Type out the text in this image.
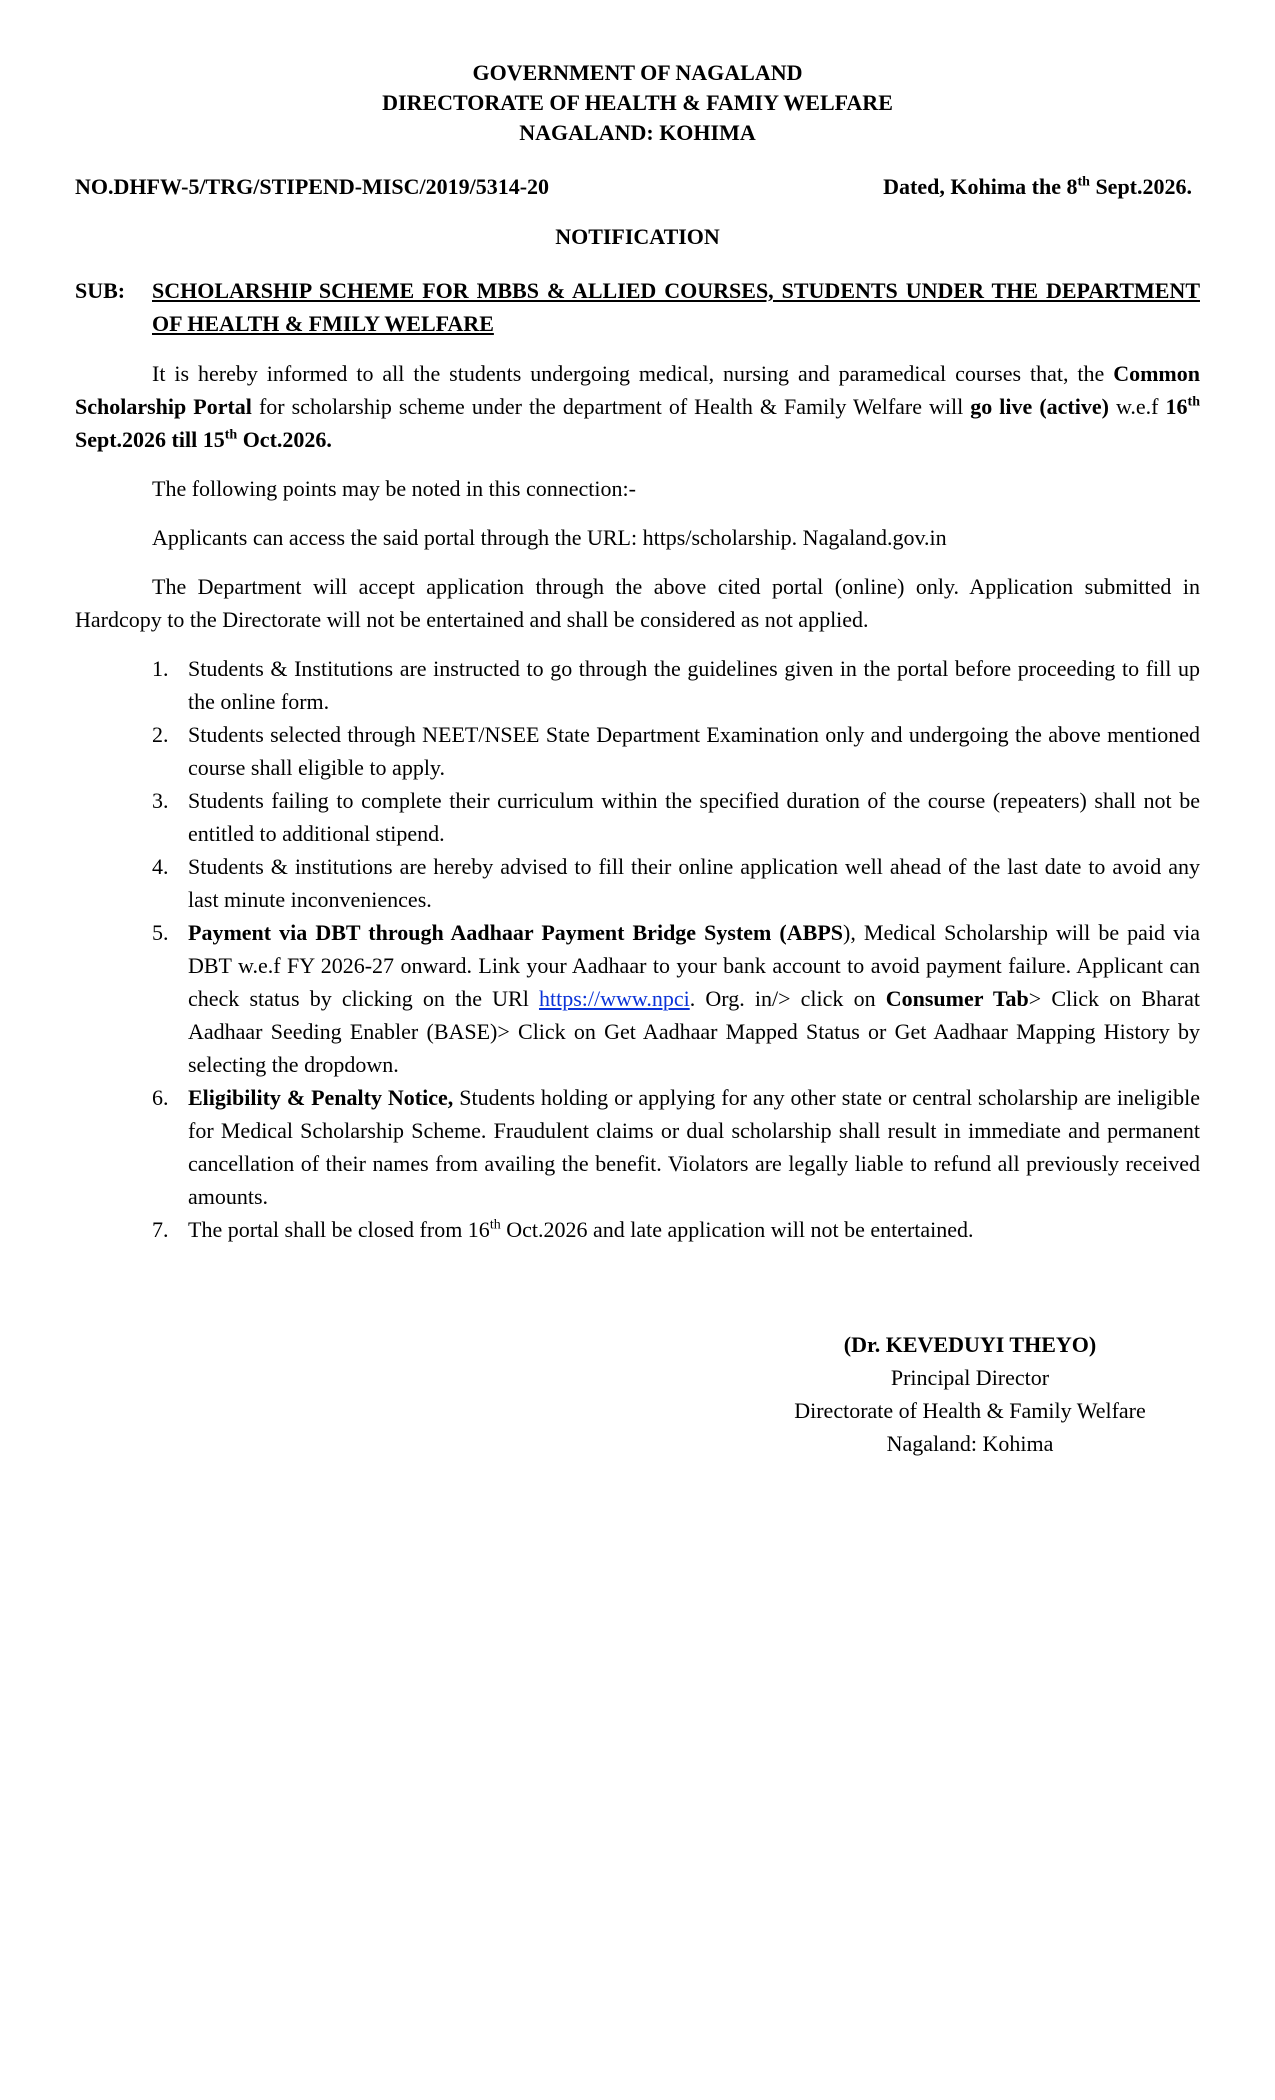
GOVERNMENT OF NAGALAND
DIRECTORATE OF HEALTH & FAMIY WELFARE
NAGALAND: KOHIMA
NO.DHFW-5/TRG/STIPEND-MISC/2019/5314-20	Dated, Kohima the 8th Sept.2026.
NOTIFICATION
SUB: SCHOLARSHIP SCHEME FOR MBBS & ALLIED COURSES, STUDENTS UNDER THE DEPARTMENT OF HEALTH & FMILY WELFARE

It is hereby informed to all the students undergoing medical, nursing and paramedical courses that, the Common Scholarship Portal for scholarship scheme under the department of Health & Family Welfare will go live (active) w.e.f 16th Sept.2026 till 15th Oct.2026.

The following points may be noted in this connection:-

Applicants can access the said portal through the URL: https/scholarship. Nagaland.gov.in

The Department will accept application through the above cited portal (online) only. Application submitted in Hardcopy to the Directorate will not be entertained and shall be considered as not applied.

1. Students & Institutions are instructed to go through the guidelines given in the portal before proceeding to fill up the online form.
2. Students selected through NEET/NSEE State Department Examination only and undergoing the above mentioned course shall eligible to apply.
3. Students failing to complete their curriculum within the specified duration of the course (repeaters) shall not be entitled to additional stipend.
4. Students & institutions are hereby advised to fill their online application well ahead of the last date to avoid any last minute inconveniences.
5. Payment via DBT through Aadhaar Payment Bridge System (ABPS), Medical Scholarship will be paid via DBT w.e.f FY 2026-27 onward. Link your Aadhaar to your bank account to avoid payment failure. Applicant can check status by clicking on the URl https://www.npci. Org. in/> click on Consumer Tab> Click on Bharat Aadhaar Seeding Enabler (BASE)> Click on Get Aadhaar Mapped Status or Get Aadhaar Mapping History by selecting the dropdown.
6. Eligibility & Penalty Notice, Students holding or applying for any other state or central scholarship are ineligible for Medical Scholarship Scheme. Fraudulent claims or dual scholarship shall result in immediate and permanent cancellation of their names from availing the benefit. Violators are legally liable to refund all previously received amounts.
7. The portal shall be closed from 16th Oct.2026 and late application will not be entertained.
(Dr. KEVEDUYI THEYO)
Principal Director
Directorate of Health & Family Welfare
Nagaland: Kohima
